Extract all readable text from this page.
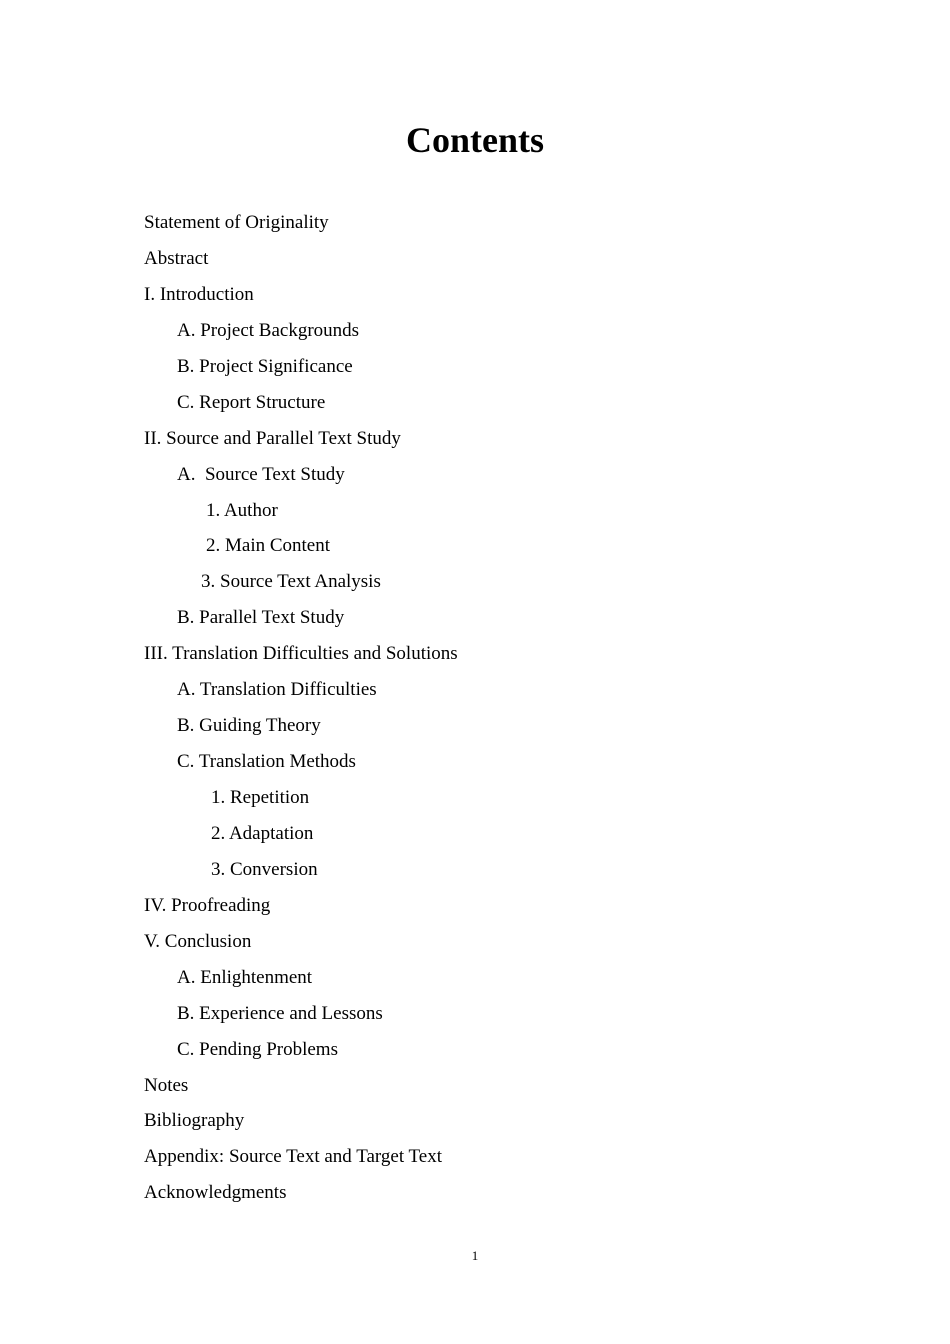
Contents
Statement of Originality
Abstract
I. Introduction
A. Project Backgrounds
B. Project Significance
C. Report Structure
II. Source and Parallel Text Study
A.  Source Text Study
1. Author
2. Main Content
3. Source Text Analysis
B. Parallel Text Study
III. Translation Difficulties and Solutions
A. Translation Difficulties
B. Guiding Theory
C. Translation Methods
1. Repetition
2. Adaptation
3. Conversion
IV. Proofreading
V. Conclusion
A. Enlightenment
B. Experience and Lessons
C. Pending Problems
Notes
Bibliography
Appendix: Source Text and Target Text
Acknowledgments
1
